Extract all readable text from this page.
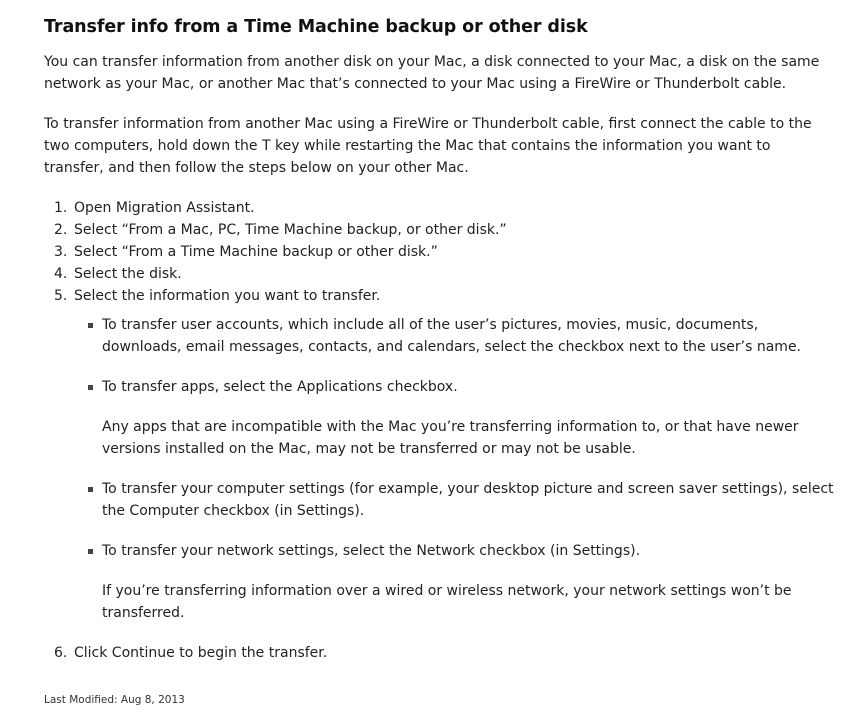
Transfer info from a Time Machine backup or other disk

You can transfer information from another disk on your Mac, a disk connected to your Mac, a disk on the same network as your Mac, or another Mac that’s connected to your Mac using a FireWire or Thunderbolt cable.

To transfer information from another Mac using a FireWire or Thunderbolt cable, first connect the cable to the two computers, hold down the T key while restarting the Mac that contains the information you want to transfer, and then follow the steps below on your other Mac.

1. Open Migration Assistant.
2. Select “From a Mac, PC, Time Machine backup, or other disk.”
3. Select “From a Time Machine backup or other disk.”
4. Select the disk.
5. Select the information you want to transfer.
To transfer user accounts, which include all of the user’s pictures, movies, music, documents, downloads, email messages, contacts, and calendars, select the checkbox next to the user’s name.
To transfer apps, select the Applications checkbox.
Any apps that are incompatible with the Mac you’re transferring information to, or that have newer versions installed on the Mac, may not be transferred or may not be usable.
To transfer your computer settings (for example, your desktop picture and screen saver settings), select the Computer checkbox (in Settings).
To transfer your network settings, select the Network checkbox (in Settings).
If you’re transferring information over a wired or wireless network, your network settings won’t be transferred.
6. Click Continue to begin the transfer.
Last Modified: Aug 8, 2013
